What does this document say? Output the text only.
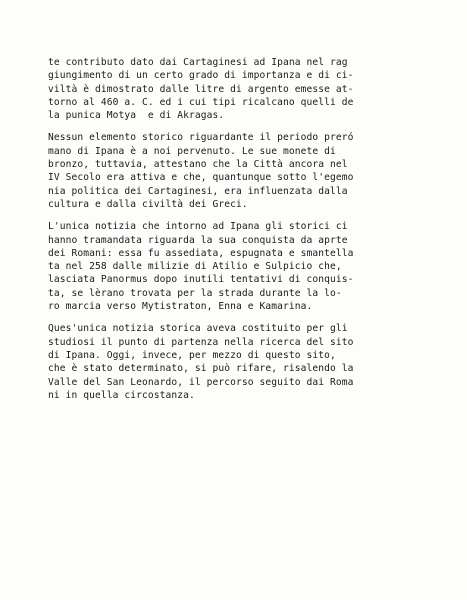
te contributo dato dai Cartaginesi ad Ipana nel rag
giungimento di un certo grado di importanza e di ci-
viltà è dimostrato dalle litre di argento emesse at-
torno al 460 a. C. ed i cui tipi ricalcano quelli de
la punica Motya  e di Akragas.
Nessun elemento storico riguardante il periodo preró
mano di Ipana è a noi pervenuto. Le sue monete di
bronzo, tuttavia, attestano che la Città ancora nel
IV Secolo era attiva e che, quantunque sotto l'egemo
nia politica dei Cartaginesi, era influenzata dalla
cultura e dalla civiltà dei Greci.
L'unica notizia che intorno ad Ipana gli storici ci
hanno tramandata riguarda la sua conquista da aprte
dei Romani: essa fu assediata, espugnata e smantella
ta nel 258 dalle milizie di Atilio e Sulpicio che,
lasciata Panormus dopo inutili tentativi di conquis-
ta, se lèrano trovata per la strada durante la lo-
ro marcia verso Mytistraton, Enna e Kamarina.
Ques'unica notizia storica aveva costituito per gli
studiosi il punto di partenza nella ricerca del sito
di Ipana. Oggi, invece, per mezzo di questo sito,
che è stato determinato, si può rifare, risalendo la
Valle del San Leonardo, il percorso seguito dai Roma
ni in quella circostanza.
